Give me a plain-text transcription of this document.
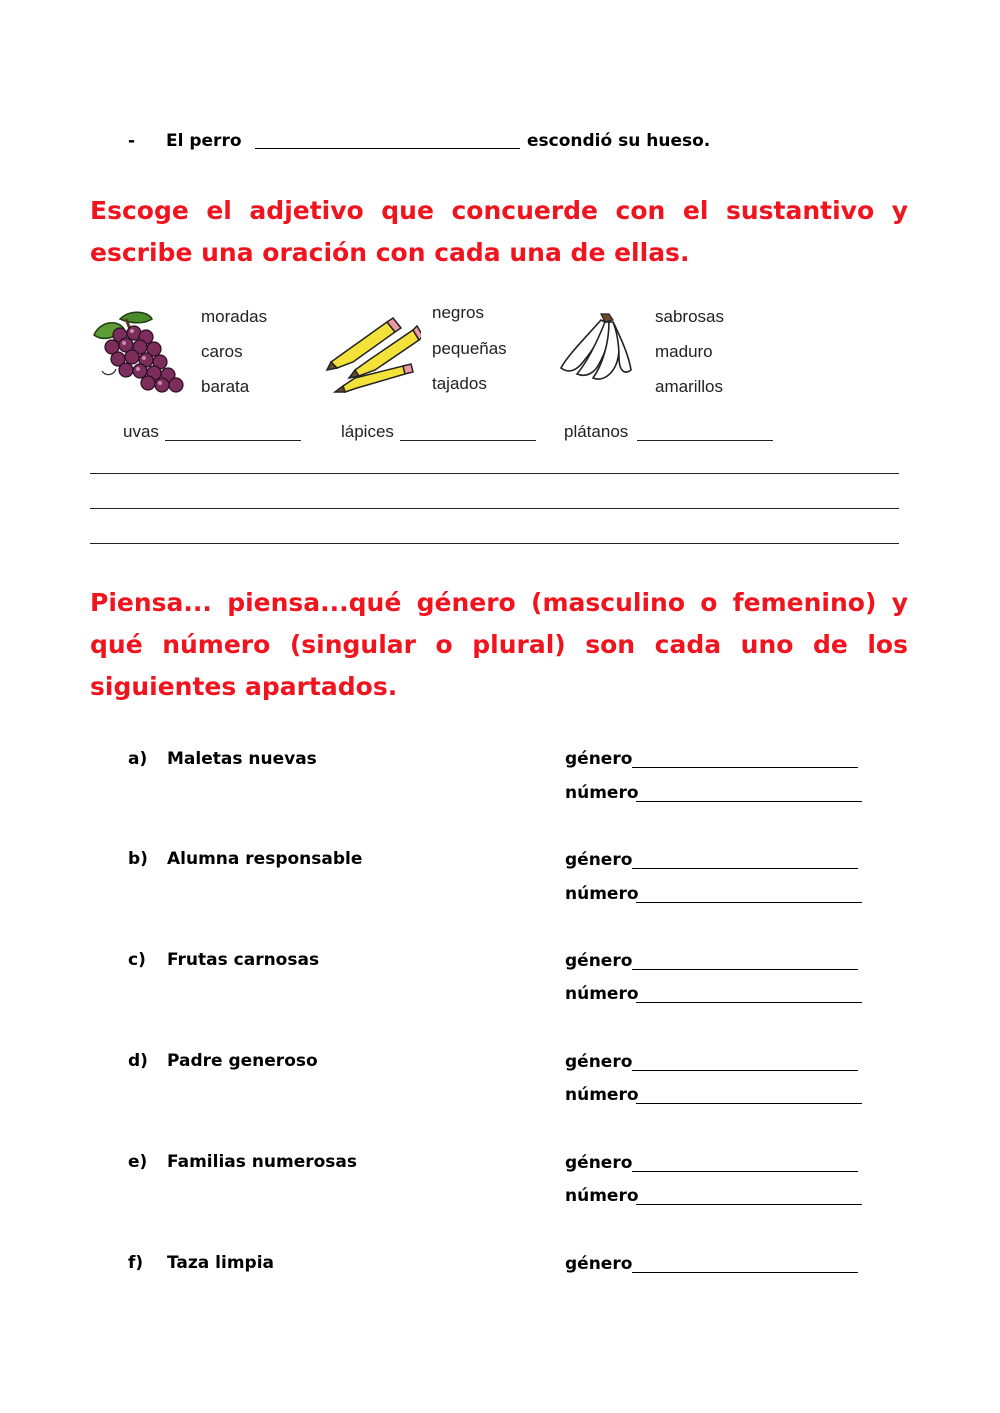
- El perro	escondió su hueso.
Escoge el adjetivo que concuerde con el sustantivo y
escribe una oración con cada una de ellas.
moradas
caros
barata
negros
pequeñas
tajados
sabrosas
maduro
amarillos
uvas	lápices	plátanos
Piensa... piensa...qué género (masculino o femenino) y
qué número (singular o plural) son cada uno de los
siguientes apartados.
a) Maletas nuevas	género
número
b) Alumna responsable	género
número
c) Frutas carnosas	género
número
d) Padre generoso	género
número
e) Familias numerosas	género
número
f) Taza limpia	género
